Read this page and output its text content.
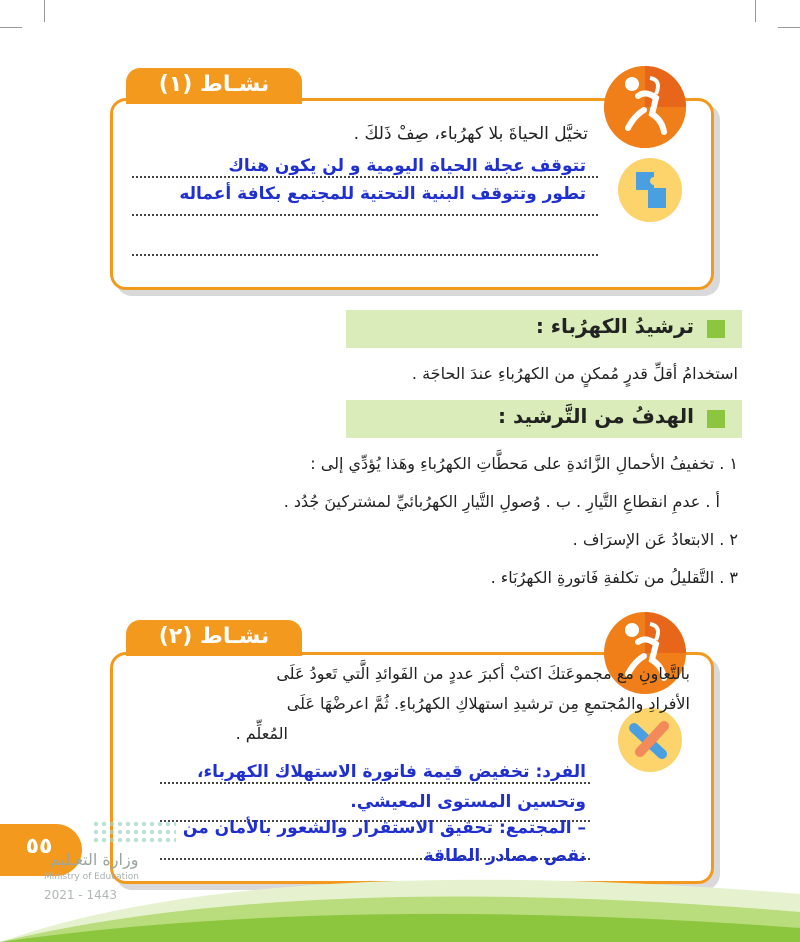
نشـاط (١)
تخيَّل الحياةَ بلا كهرُباء، صِفْ ذَلكَ .
تتوقف عجلة الحياة اليومية و لن يكون هناك
تطور وتتوقف البنية التحتية للمجتمع بكافة أعماله
ترشيدُ الكهرُباء :
استخدامُ أقلِّ قدرٍ مُمكنٍ من الكهرُباءِ عندَ الحاجَة .
الهدفُ من التَّرشيد :
١ . تخفيفُ الأحمالِ الزَّائدةِ على مَحطَّاتِ الكهرُباءِ وهَذا يُؤدِّي إلى :
أ . عدمِ انقطاعِ التَّيارِ . ب . وُصولِ التَّيارِ الكهرُبائيِّ لمشتركينَ جُدُد .
٢ . الابتعادُ عَن الإسرَاف .
٣ . التَّقليلُ من تكلفةِ فَاتورةِ الكهرُبَاء .
نشـاط (٢)
بالتَّعاونِ مع مجموعَتكَ اكتبْ أكبرَ عددٍ من الفَوائدِ الَّتي تَعودُ عَلَى
الأفرادِ والمُجتمعِ مِن ترشيدِ استهلاكِ الكهرُباءِ. ثُمَّ اعرضْهَا عَلَى
المُعلِّم .
الفرد: تخفيض قيمة فاتورة الاستهلاك الكهرباء،
وتحسين المستوى المعيشي.
– المجتمع: تحقيق الاستقرار والشعور بالأمان من
نقص مصادر الطاقة
٥٥
وزارة التعـليم
Ministry of Education
2021 - 1443
